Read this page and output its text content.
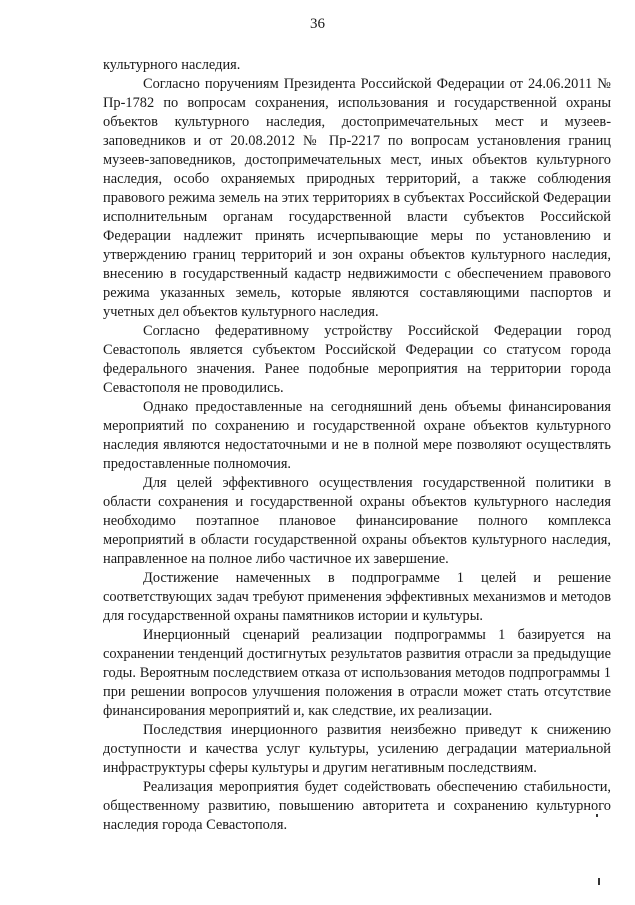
36

культурного наследия.

Согласно поручениям Президента Российской Федерации от 24.06.2011 № Пр-1782 по вопросам сохранения, использования и государственной охраны объектов культурного наследия, достопримечательных мест и музеев-заповедников и от 20.08.2012 № Пр-2217 по вопросам установления границ музеев-заповедников, достопримечательных мест, иных объектов культурного наследия, особо охраняемых природных территорий, а также соблюдения правового режима земель на этих территориях в субъектах Российской Федерации исполнительным органам государственной власти субъектов Российской Федерации надлежит принять исчерпывающие меры по установлению и утверждению границ территорий и зон охраны объектов культурного наследия, внесению в государственный кадастр недвижимости с обеспечением правового режима указанных земель, которые являются составляющими паспортов и учетных дел объектов культурного наследия.

Согласно федеративному устройству Российской Федерации город Севастополь является субъектом Российской Федерации со статусом города федерального значения. Ранее подобные мероприятия на территории города Севастополя не проводились.

Однако предоставленные на сегодняшний день объемы финансирования мероприятий по сохранению и государственной охране объектов культурного наследия являются недостаточными и не в полной мере позволяют осуществлять предоставленные полномочия.

Для целей эффективного осуществления государственной политики в области сохранения и государственной охраны объектов культурного наследия необходимо поэтапное плановое финансирование полного комплекса мероприятий в области государственной охраны объектов культурного наследия, направленное на полное либо частичное их завершение.

Достижение намеченных в подпрограмме 1 целей и решение соответствующих задач требуют применения эффективных механизмов и методов для государственной охраны памятников истории и культуры.

Инерционный сценарий реализации подпрограммы 1 базируется на сохранении тенденций достигнутых результатов развития отрасли за предыдущие годы. Вероятным последствием отказа от использования методов подпрограммы 1 при решении вопросов улучшения положения в отрасли может стать отсутствие финансирования мероприятий и, как следствие, их реализации.

Последствия инерционного развития неизбежно приведут к снижению доступности и качества услуг культуры, усилению деградации материальной инфраструктуры сферы культуры и другим негативным последствиям.

Реализация мероприятия будет содействовать обеспечению стабильности, общественному развитию, повышению авторитета и сохранению культурного наследия города Севастополя.
